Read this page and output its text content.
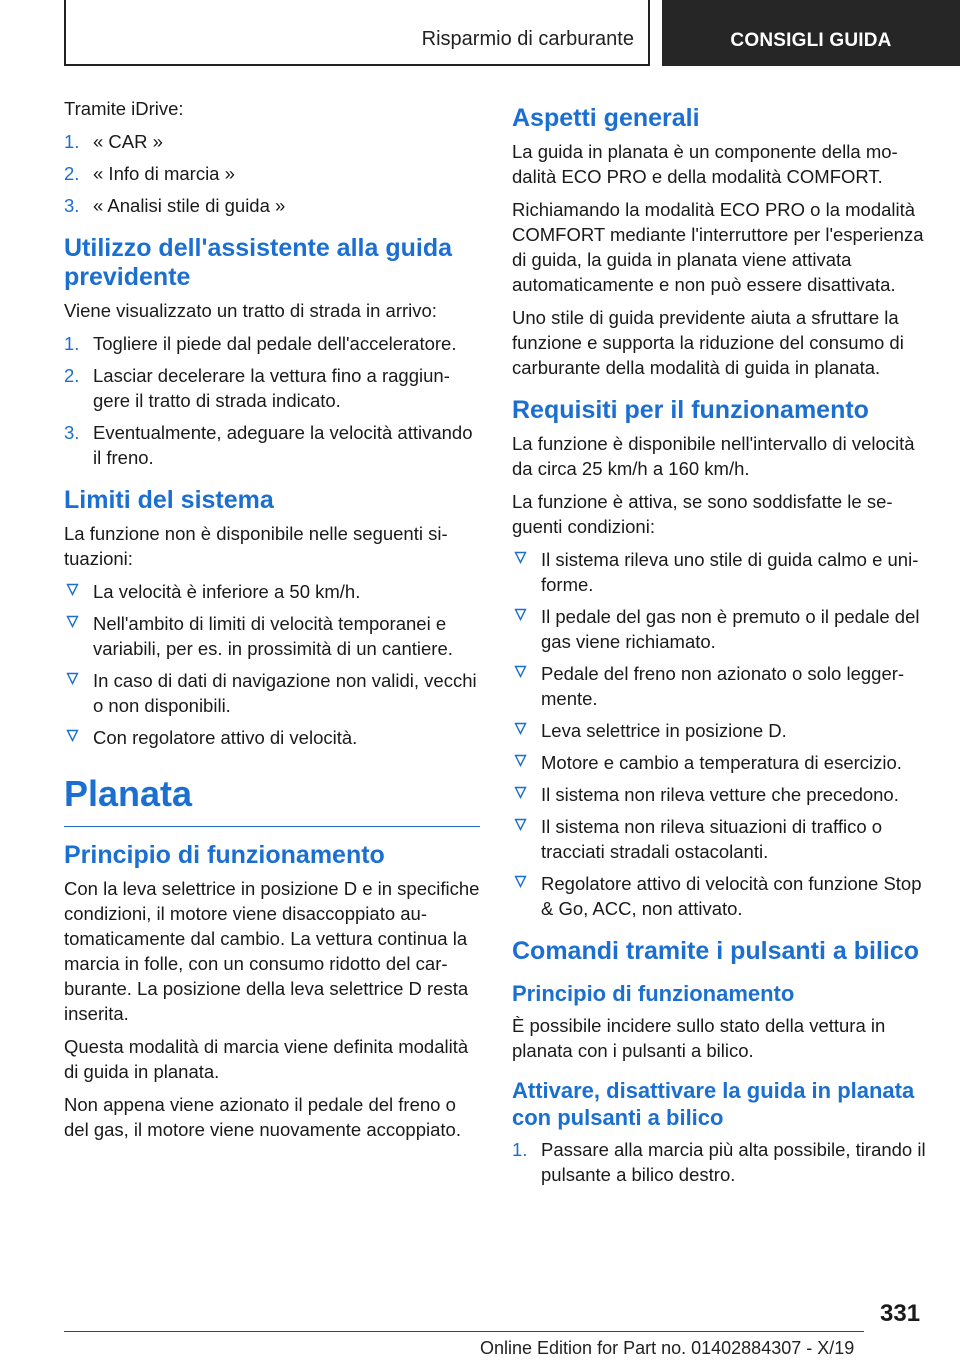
Risparmio di carburante	CONSIGLI GUIDA

Tramite iDrive:

1. « CAR »
2. « Info di marcia »
3. « Analisi stile di guida »
Utilizzo dell'assistente alla guida previdente

Viene visualizzato un tratto di strada in arrivo:

1. Togliere il piede dal pedale dell'acceleratore.
2. Lasciar decelerare la vettura fino a raggiungere il tratto di strada indicato.
3. Eventualmente, adeguare la velocità attivando il freno.
Limiti del sistema

La funzione non è disponibile nelle seguenti situazioni:

La velocità è inferiore a 50 km/h.
Nell'ambito di limiti di velocità temporanei e variabili, per es. in prossimità di un cantiere.
In caso di dati di navigazione non validi, vecchi o non disponibili.
Con regolatore attivo di velocità.
Planata
Principio di funzionamento

Con la leva selettrice in posizione D e in specifiche condizioni, il motore viene disaccoppiato automaticamente dal cambio. La vettura continua la marcia in folle, con un consumo ridotto del carburante. La posizione della leva selettrice D resta inserita.

Questa modalità di marcia viene definita modalità di guida in planata.

Non appena viene azionato il pedale del freno o del gas, il motore viene nuovamente accoppiato.

Aspetti generali

La guida in planata è un componente della modalità ECO PRO e della modalità COMFORT.

Richiamando la modalità ECO PRO o la modalità COMFORT mediante l'interruttore per l'esperienza di guida, la guida in planata viene attivata automaticamente e non può essere disattivata.

Uno stile di guida previdente aiuta a sfruttare la funzione e supporta la riduzione del consumo di carburante della modalità di guida in planata.

Requisiti per il funzionamento

La funzione è disponibile nell'intervallo di velocità da circa 25 km/h a 160 km/h.

La funzione è attiva, se sono soddisfatte le seguenti condizioni:

Il sistema rileva uno stile di guida calmo e uniforme.
Il pedale del gas non è premuto o il pedale del gas viene richiamato.
Pedale del freno non azionato o solo leggermente.
Leva selettrice in posizione D.
Motore e cambio a temperatura di esercizio.
Il sistema non rileva vetture che precedono.
Il sistema non rileva situazioni di traffico o tracciati stradali ostacolanti.
Regolatore attivo di velocità con funzione Stop & Go, ACC, non attivato.
Comandi tramite i pulsanti a bilico
Principio di funzionamento

È possibile incidere sullo stato della vettura in planata con i pulsanti a bilico.

Attivare, disattivare la guida in planata con pulsanti a bilico
1. Passare alla marcia più alta possibile, tirando il pulsante a bilico destro.
331
Online Edition for Part no. 01402884307 - X/19
